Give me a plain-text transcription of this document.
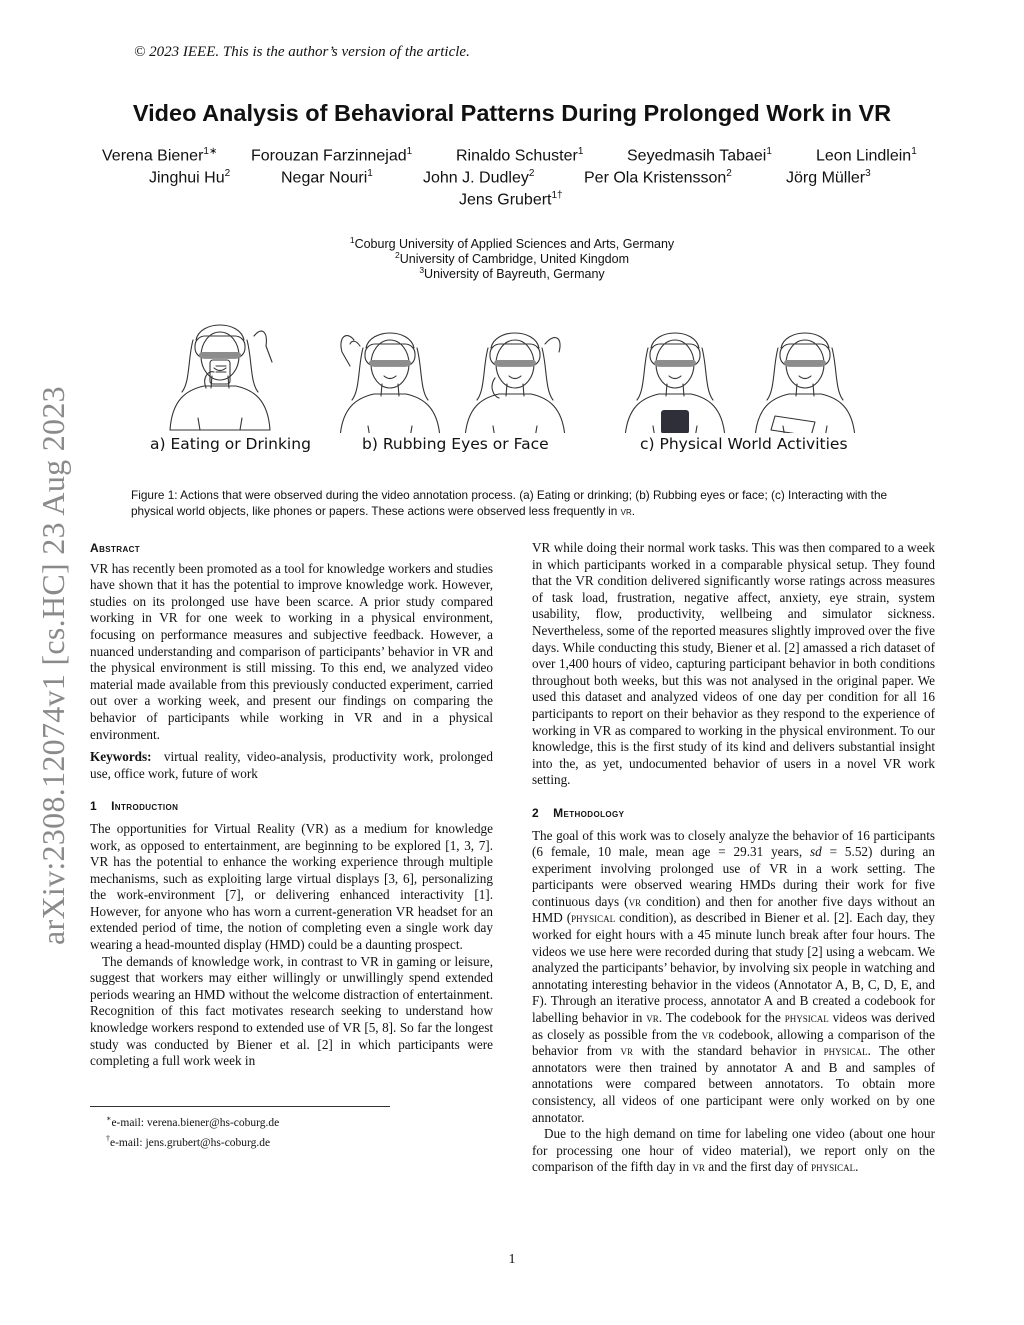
© 2023 IEEE. This is the author’s version of the article.
Video Analysis of Behavioral Patterns During Prolonged Work in VR
Verena Biener$^{1∗}$ Forouzan Farzinnejad$^1$	Rinaldo Schuster$^1$	Seyedmasih Tabaei$^1$	Leon Lindlein$^1$
Jinghui Hu$^2$	Negar Nouri$^1$	John J. Dudley$^2$	Per Ola Kristensson$^2$	Jörg Müller$^3$
Jens Grubert$^{1\dagger}$
$^1$Coburg University of Applied Sciences and Arts, Germany
$^2$University of Cambridge, United Kingdom
$^3$University of Bayreuth, Germany
arXiv:2308.12074v1 [cs.HC] 23 Aug 2023	a) Eating or Drinking	b) Rubbing Eyes or Face	c) Physical World Activities
Figure 1: Actions that were observed during the video annotation process. (a) Eating or drinking; (b) Rubbing eyes or face; (c) Interacting with the physical world objects, like phones or papers. These actions were observed less frequently in vr.
Abstract

VR has recently been promoted as a tool for knowledge workers and studies have shown that it has the potential to improve knowledge work. However, studies on its prolonged use have been scarce. A prior study compared working in VR for one week to working in a physical environment, focusing on performance measures and subjective feedback. However, a nuanced understanding and comparison of participants’ behavior in VR and the physical environment is still missing. To this end, we analyzed video material made available from this previously conducted experiment, carried out over a working week, and present our findings on comparing the behavior of participants while working in VR and in a physical environment.

Keywords: virtual reality, video-analysis, productivity work, prolonged use, office work, future of work

1 Introduction

The opportunities for Virtual Reality (VR) as a medium for knowledge work, as opposed to entertainment, are beginning to be explored [1, 3, 7]. VR has the potential to enhance the working experience through multiple mechanisms, such as exploiting large virtual displays [3, 6], personalizing the work-environment [7], or delivering enhanced interactivity [1]. However, for anyone who has worn a current-generation VR headset for an extended period of time, the notion of completing even a single work day wearing a head-mounted display (HMD) could be a daunting prospect.

The demands of knowledge work, in contrast to VR in gaming or leisure, suggest that workers may either willingly or unwillingly spend extended periods wearing an HMD without the welcome distraction of entertainment. Recognition of this fact motivates research seeking to understand how knowledge workers respond to extended use of VR [5, 8]. So far the longest study was conducted by Biener et al. [2] in which participants were completing a full work week in

∗e-mail: verena.biener@hs-coburg.de
†e-mail: jens.grubert@hs-coburg.de

VR while doing their normal work tasks. This was then compared to a week in which participants worked in a comparable physical setup. They found that the VR condition delivered significantly worse ratings across measures of task load, frustration, negative affect, anxiety, eye strain, system usability, flow, productivity, wellbeing and simulator sickness. Nevertheless, some of the reported measures slightly improved over the five days. While conducting this study, Biener et al. [2] amassed a rich dataset of over 1,400 hours of video, capturing participant behavior in both conditions throughout both weeks, but this was not analysed in the original paper. We used this dataset and analyzed videos of one day per condition for all 16 participants to report on their behavior as they respond to the experience of working in VR as compared to working in the physical environment. To our knowledge, this is the first study of its kind and delivers substantial insight into the, as yet, undocumented behavior of users in a novel VR work setting.

2 Methodology

The goal of this work was to closely analyze the behavior of 16 participants (6 female, 10 male, mean age = 29.31 years, sd = 5.52) during an experiment involving prolonged use of VR in a work setting. The participants were observed wearing HMDs during their work for five continuous days (vr condition) and then for another five days without an HMD (physical condition), as described in Biener et al. [2]. Each day, they worked for eight hours with a 45 minute lunch break after four hours. The videos we use here were recorded during that study [2] using a webcam. We analyzed the participants’ behavior, by involving six people in watching and annotating interesting behavior in the videos (Annotator A, B, C, D, E, and F). Through an iterative process, annotator A and B created a codebook for labelling behavior in vr. The codebook for the physical videos was derived as closely as possible from the vr codebook, allowing a comparison of the behavior from vr with the standard behavior in physical. The other annotators were then trained by annotator A and B and samples of annotations were compared between annotators. To obtain more consistency, all videos of one participant were only worked on by one annotator.

Due to the high demand on time for labeling one video (about one hour for processing one hour of video material), we report only on the comparison of the fifth day in vr and the first day of physical.

1
